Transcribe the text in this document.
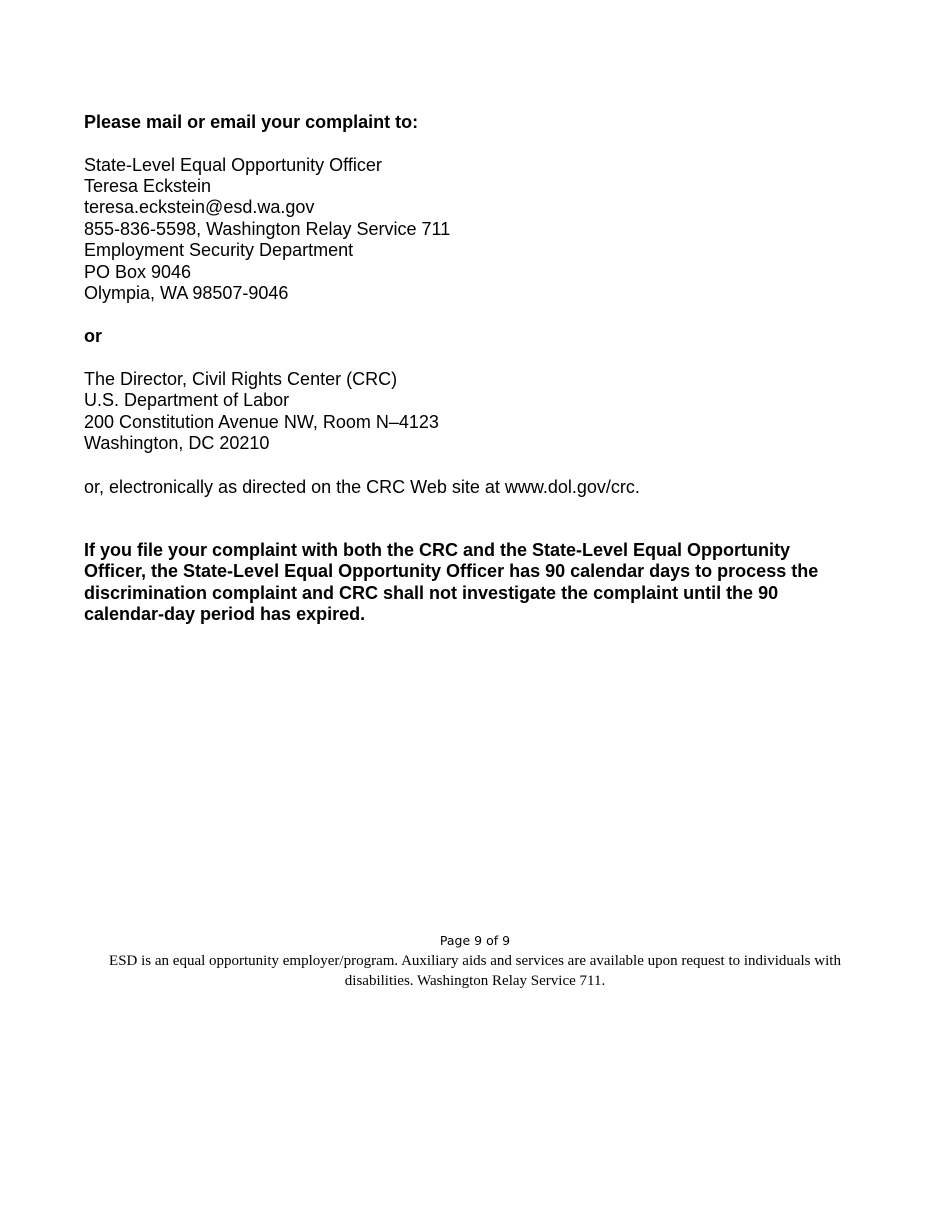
Please mail or email your complaint to:
State-Level Equal Opportunity Officer
Teresa Eckstein
teresa.eckstein@esd.wa.gov
855-836-5598, Washington Relay Service 711
Employment Security Department
PO Box 9046
Olympia, WA 98507-9046
or
The Director, Civil Rights Center (CRC)
U.S. Department of Labor
200 Constitution Avenue NW, Room N–4123
Washington, DC 20210
or, electronically as directed on the CRC Web site at www.dol.gov/crc.
If you file your complaint with both the CRC and the State-Level Equal Opportunity Officer, the State-Level Equal Opportunity Officer has 90 calendar days to process the discrimination complaint and CRC shall not investigate the complaint until the 90 calendar-day period has expired.
Page 9 of 9
ESD is an equal opportunity employer/program. Auxiliary aids and services are available upon request to individuals with disabilities. Washington Relay Service 711.
